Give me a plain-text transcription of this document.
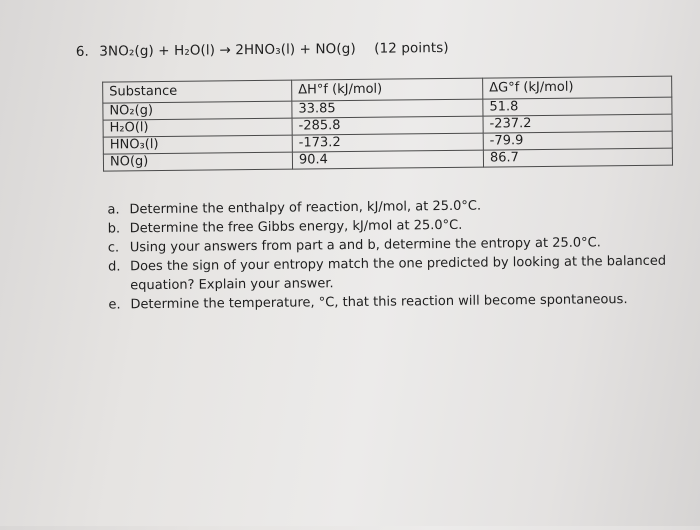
6. 3NO₂(g) + H₂O(l) → 2HNO₃(l) + NO(g) (12 points)
Substance	ΔH°f (kJ/mol)	ΔG°f (kJ/mol)
NO₂(g)	33.85	51.8
H₂O(l)	-285.8	-237.2
HNO₃(l)	-173.2	-79.9
NO(g)	90.4	86.7
a. Determine the enthalpy of reaction, kJ/mol, at 25.0°C.
b. Determine the free Gibbs energy, kJ/mol at 25.0°C.
c. Using your answers from part a and b, determine the entropy at 25.0°C.
d. Does the sign of your entropy match the one predicted by looking at the balanced equation? Explain your answer.
e. Determine the temperature, °C, that this reaction will become spontaneous.
